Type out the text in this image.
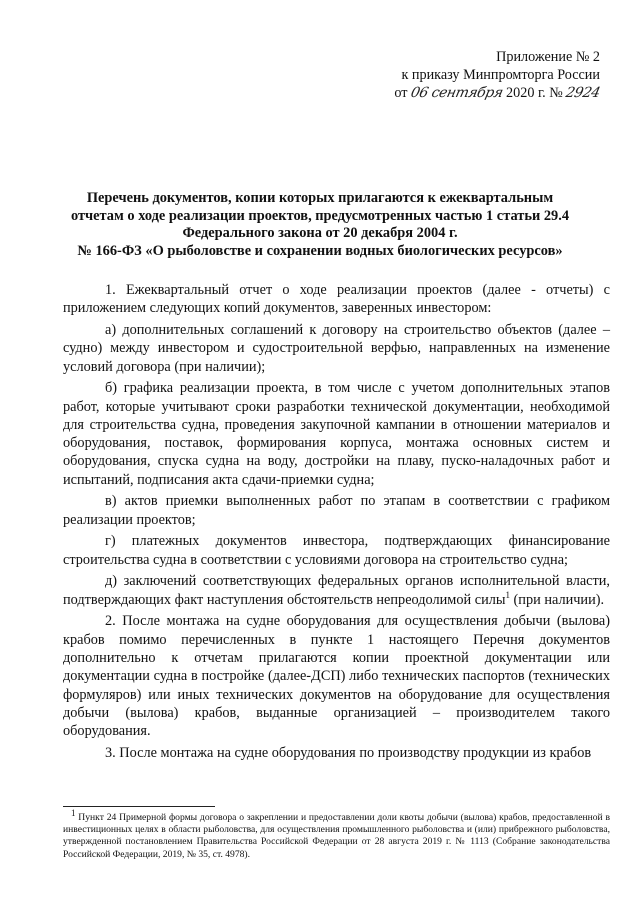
Приложение № 2
к приказу Минпромторга России
от 06 сентября 2020 г. № 2924
Перечень документов, копии которых прилагаются к ежеквартальным
отчетам о ходе реализации проектов, предусмотренных частью 1 статьи 29.4
Федерального закона от 20 декабря 2004 г.
№ 166-ФЗ «О рыболовстве и сохранении водных биологических ресурсов»

1. Ежеквартальный отчет о ходе реализации проектов (далее - отчеты) с приложением следующих копий документов, заверенных инвестором:

а) дополнительных соглашений к договору на строительство объектов (далее – судно) между инвестором и судостроительной верфью, направленных на изменение условий договора (при наличии);

б) графика реализации проекта, в том числе с учетом дополнительных этапов работ, которые учитывают сроки разработки технической документации, необходимой для строительства судна, проведения закупочной кампании в отношении материалов и оборудования, поставок, формирования корпуса, монтажа основных систем и оборудования, спуска судна на воду, достройки на плаву, пуско-наладочных работ и испытаний, подписания акта сдачи-приемки судна;

в) актов приемки выполненных работ по этапам в соответствии с графиком реализации проектов;

г) платежных документов инвестора, подтверждающих финансирование строительства судна в соответствии с условиями договора на строительство судна;

д) заключений соответствующих федеральных органов исполнительной власти, подтверждающих факт наступления обстоятельств непреодолимой силы$^1$ (при наличии).

2. После монтажа на судне оборудования для осуществления добычи (вылова) крабов помимо перечисленных в пункте 1 настоящего Перечня документов дополнительно к отчетам прилагаются копии проектной документации или документации судна в постройке (далее-ДСП) либо технических паспортов (технических формуляров) или иных технических документов на оборудование для осуществления добычи (вылова) крабов, выданные организацией – производителем такого оборудования.

3. После монтажа на судне оборудования по производству продукции из крабов

$^1$ Пункт 24 Примерной формы договора о закреплении и предоставлении доли квоты добычи (вылова) крабов, предоставленной в инвестиционных целях в области рыболовства, для осуществления промышленного рыболовства и (или) прибрежного рыболовства, утвержденной постановлением Правительства Российской Федерации от 28 августа 2019 г. № 1113 (Собрание законодательства Российской Федерации, 2019, № 35, ст. 4978).
